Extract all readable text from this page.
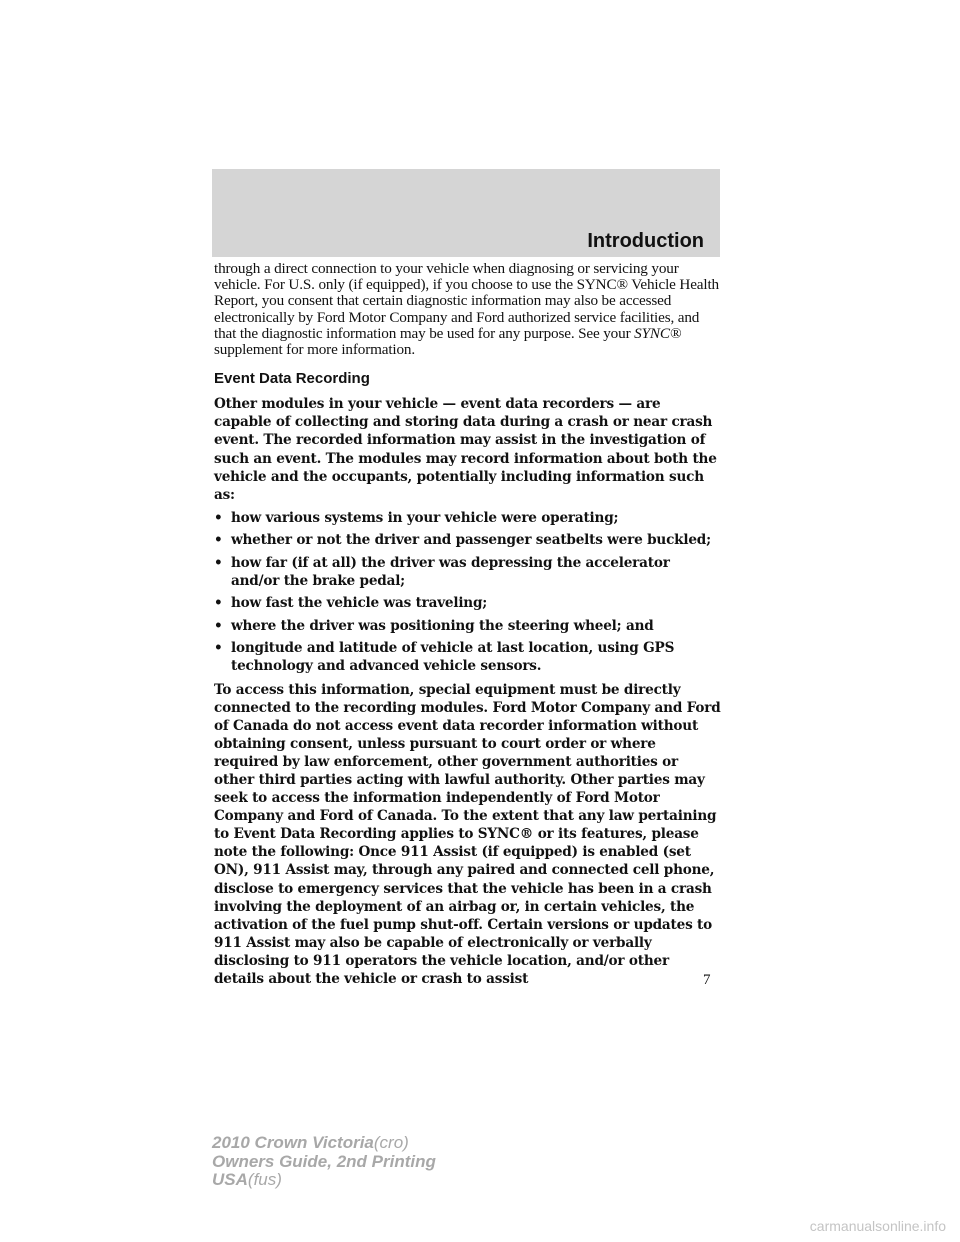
Introduction

through a direct connection to your vehicle when diagnosing or servicing your vehicle. For U.S. only (if equipped), if you choose to use the SYNC® Vehicle Health Report, you consent that certain diagnostic information may also be accessed electronically by Ford Motor Company and Ford authorized service facilities, and that the diagnostic information may be used for any purpose. See your SYNC® supplement for more information.

Event Data Recording

Other modules in your vehicle — event data recorders — are capable of collecting and storing data during a crash or near crash event. The recorded information may assist in the investigation of such an event. The modules may record information about both the vehicle and the occupants, potentially including information such as:

• how various systems in your vehicle were operating;
• whether or not the driver and passenger seatbelts were buckled;
• how far (if at all) the driver was depressing the accelerator and/or the brake pedal;
• how fast the vehicle was traveling;
• where the driver was positioning the steering wheel; and
• longitude and latitude of vehicle at last location, using GPS technology and advanced vehicle sensors.

To access this information, special equipment must be directly connected to the recording modules. Ford Motor Company and Ford of Canada do not access event data recorder information without obtaining consent, unless pursuant to court order or where required by law enforcement, other government authorities or other third parties acting with lawful authority. Other parties may seek to access the information independently of Ford Motor Company and Ford of Canada. To the extent that any law pertaining to Event Data Recording applies to SYNC® or its features, please note the following: Once 911 Assist (if equipped) is enabled (set ON), 911 Assist may, through any paired and connected cell phone, disclose to emergency services that the vehicle has been in a crash involving the deployment of an airbag or, in certain vehicles, the activation of the fuel pump shut-off. Certain versions or updates to 911 Assist may also be capable of electronically or verbally disclosing to 911 operators the vehicle location, and/or other details about the vehicle or crash to assist	7
2010 Crown Victoria(cro)
Owners Guide, 2nd Printing
USA(fus)
carmanualsonline.info
